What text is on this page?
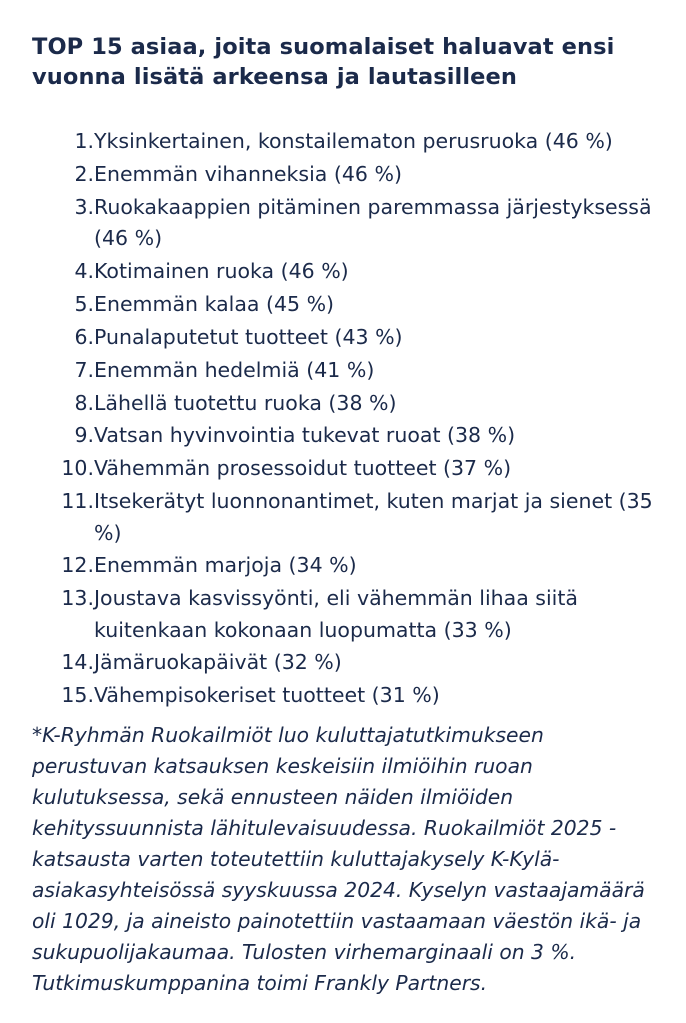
TOP 15 asiaa, joita suomalaiset haluavat ensi vuonna lisätä arkeensa ja lautasilleen
1. Yksinkertainen, konstailematon perusruoka (46 %)
2. Enemmän vihanneksia (46 %)
3. Ruokakaappien pitäminen paremmassa järjestyksessä (46 %)
4. Kotimainen ruoka (46 %)
5. Enemmän kalaa (45 %)
6. Punalaputetut tuotteet (43 %)
7. Enemmän hedelmiä (41 %)
8. Lähellä tuotettu ruoka (38 %)
9. Vatsan hyvinvointia tukevat ruoat (38 %)
10. Vähemmän prosessoidut tuotteet (37 %)
11. Itsekerätyt luonnonantimet, kuten marjat ja sienet (35 %)
12. Enemmän marjoja (34 %)
13. Joustava kasvissyönti, eli vähemmän lihaa siitä kuitenkaan kokonaan luopumatta (33 %)
14. Jämäruokapäivät (32 %)
15. Vähempisokeriset tuotteet (31 %)

*K-Ryhmän Ruokailmiöt luo kuluttajatutkimukseen perustuvan katsauksen keskeisiin ilmiöihin ruoan kulutuksessa, sekä ennusteen näiden ilmiöiden kehityssuunnista lähitulevaisuudessa. Ruokailmiöt 2025 -katsausta varten toteutettiin kuluttajakysely K-Kylä-asiakasyhteisössä syyskuussa 2024. Kyselyn vastaajamäärä oli 1029, ja aineisto painotettiin vastaamaan väestön ikä- ja sukupuolijakaumaa. Tulosten virhemarginaali on 3 %. Tutkimuskumppanina toimi Frankly Partners.
